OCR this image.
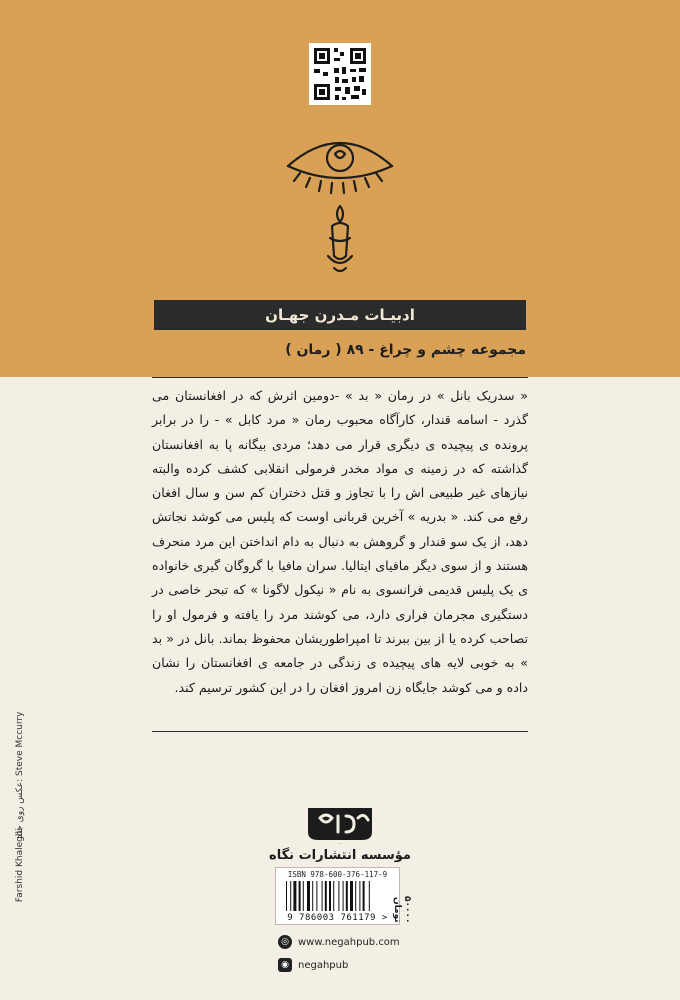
ادبیـات مـدرن جهـان
مجموعه چشم و چراغ - ۸۹ ( رمان )

« سدریک بانل » در رمان « بد » -دومین اثرش که در افغانستان می گذرد - اسامه قندار، کارآگاه محبوب رمان « مرد کابل » - را در برابر پرونده ی پیچیده ی دیگری قرار می دهد؛ مردی بیگانه پا به افغانستان گذاشته که در زمینه ی مواد مخدر فرمولی انقلابی کشف کرده والبته نیازهای غیر طبیعی اش را با تجاوز و قتل دختران کم سن و سال افغان رفع می کند. « بدریه » آخرین قربانی اوست که پلیس می کوشد نجاتش دهد، از یک سو قندار و گروهش به دنبال به دام انداختن این مرد منحرف هستند و از سوی دیگر مافیای ایتالیا. سران مافیا با گروگان گیری خانواده ی یک پلیس قدیمی فرانسوی به نام « نیکول لاگونا » که تبحر خاصی در دستگیری مجرمان فراری دارد، می کوشند مرد را یافته و فرمول او را تصاحب کرده یا از بین ببرند تا امپراطوریشان محفوظ بماند. بانل در « بد » به خوبی لایه های پیچیده ی زندگی در جامعه ی افغانستان را نشان داده و می کوشد جایگاه زن امروز افغان را در این کشور ترسیم کند.

عکس روی جلد: Steve Mccurry
Farshid Khaleghi	نگاه
مؤسسه انتشارات نگاه
ISBN 978-600-376-117-9
9 786003 761179 >	۵۰۰۰۰ تومان
◎ www.negahpub.com
◉ negahpub
